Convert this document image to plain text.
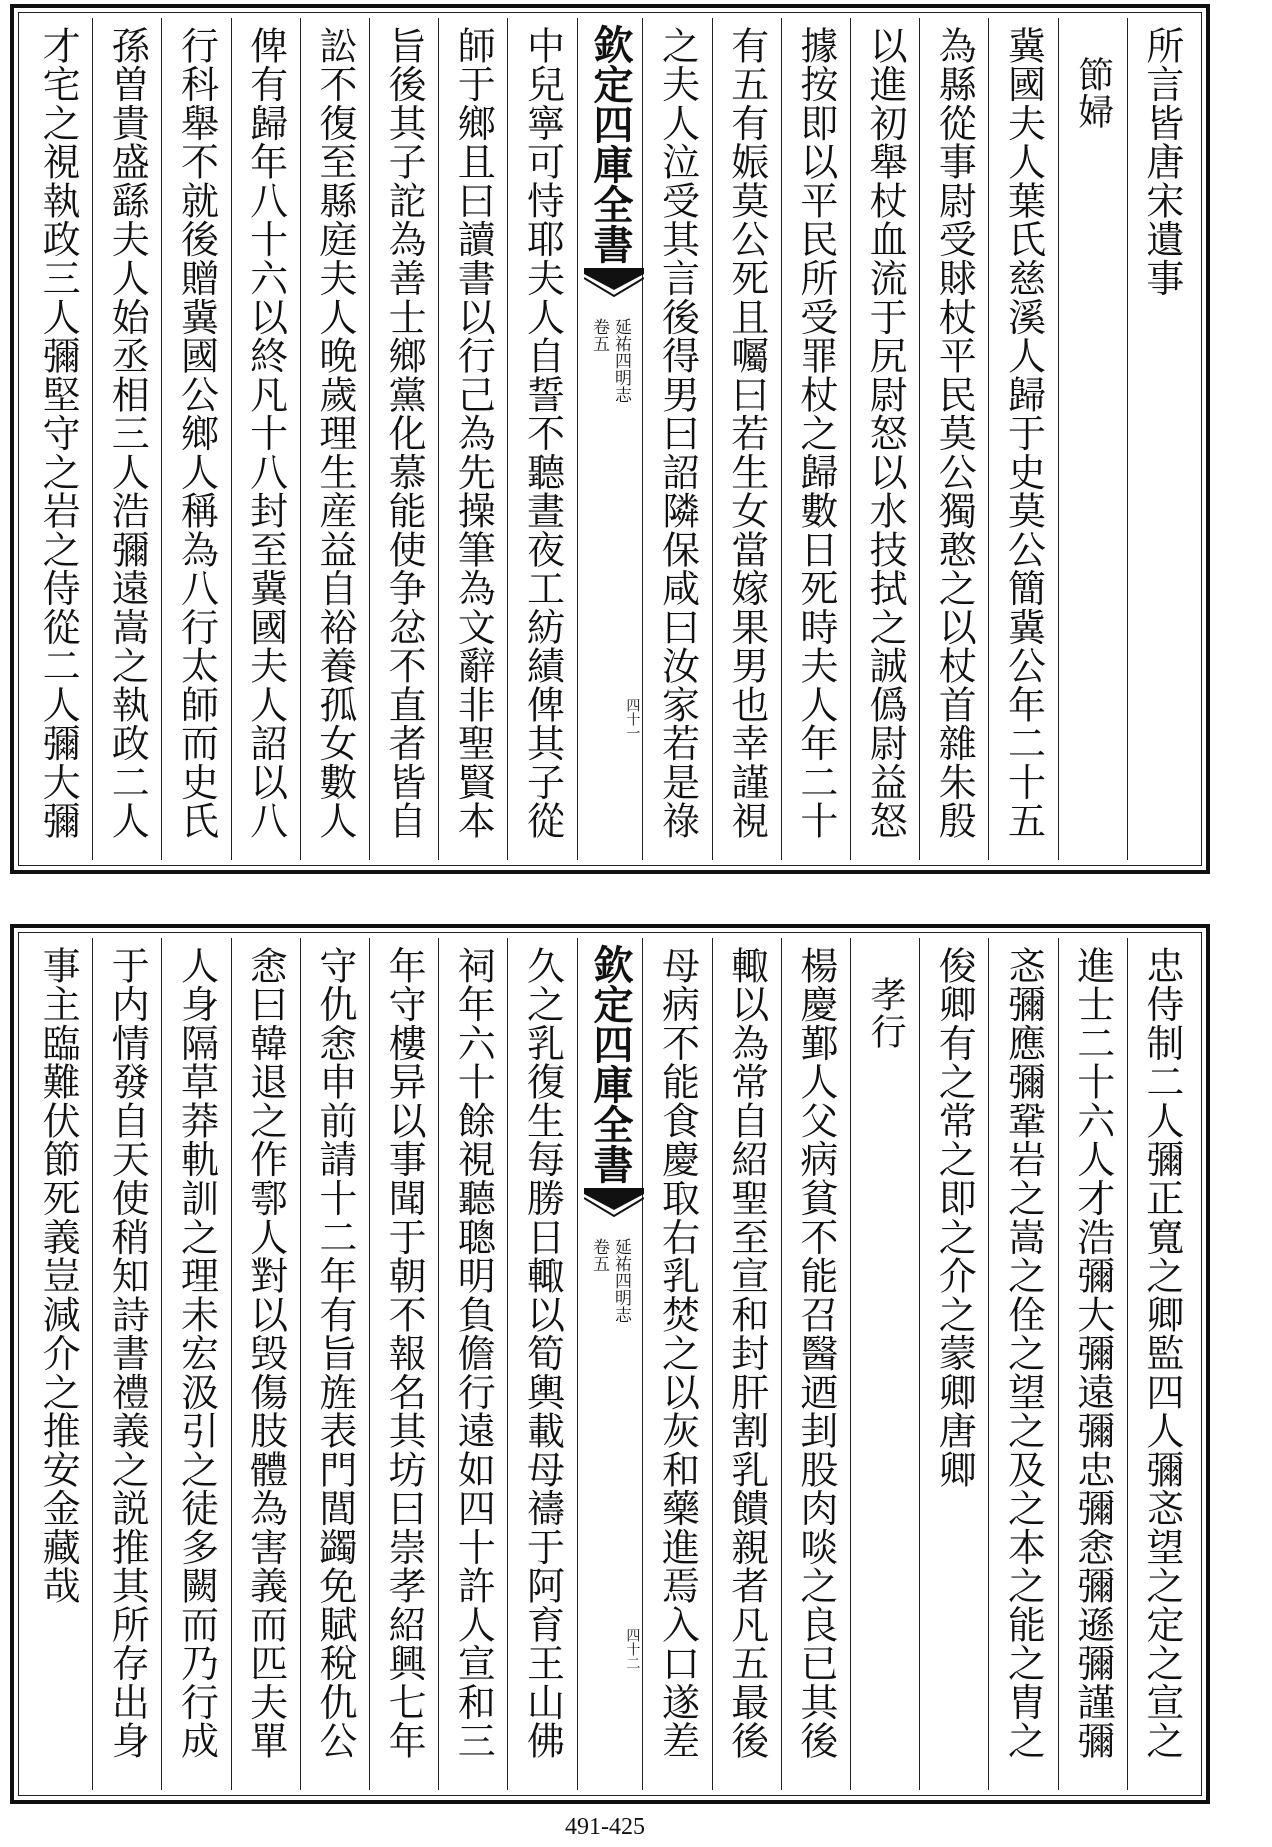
所言皆唐宋遺事
節婦
冀國夫人葉氏慈溪人歸于史莫公簡冀公年二十五
為縣從事尉受賕杖平民莫公獨憨之以杖首雜朱殷
以進初舉杖血流于尻尉怒以水技拭之誠僞尉益怒
據按即以平民所受罪杖之歸數日死時夫人年二十
有五有娠莫公死且囑曰若生女當嫁果男也幸謹視
之夫人泣受其言後得男曰詔隣保咸曰汝家若是祿
欽定四庫全書
延祐四明志
卷五
四十一
中兒寧可恃耶夫人自誓不聽晝夜工紡績俾其子從
師于鄉且曰讀書以行己為先操筆為文辭非聖賢本
旨後其子詑為善士鄉黨化慕能使争忿不直者皆自
訟不復至縣庭夫人晚歲理生産益自裕養孤女數人
俾有歸年八十六以終凡十八封至冀國夫人詔以八
行科舉不就後贈冀國公鄉人稱為八行太師而史氏
孫曽貴盛繇夫人始丞相三人浩彌遠嵩之執政二人
才宅之視執政三人彌堅守之岩之侍從二人彌大彌
忠侍制二人彌正寬之卿監四人彌忞望之定之宣之
進士二十六人才浩彌大彌遠彌忠彌悆彌遜彌謹彌
忞彌應彌鞏岩之嵩之佺之望之及之本之能之胄之
俊卿有之常之即之介之蒙卿唐卿
孝行
楊慶鄞人父病貧不能召醫迺刲股肉啖之良已其後
輙以為常自紹聖至宣和封肝割乳饋親者凡五最後
母病不能食慶取右乳焚之以灰和藥進焉入口遂差
欽定四庫全書
延祐四明志
卷五
四十二
久之乳復生每勝日輙以筍輿載母禱于阿育王山佛
祠年六十餘視聽聰明負儋行遠如四十許人宣和三
年守樓异以事聞于朝不報名其坊曰崇孝紹興七年
守仇悆申前請十二年有旨旌表門閭蠲免賦稅仇公
悆曰韓退之作鄠人對以毁傷肢體為害義而匹夫單
人身隔草莽軌訓之理未宏汲引之徒多闕而乃行成
于内情發自天使稍知詩書禮義之説推其所存出身
事主臨難伏節死義豈減介之推安金藏哉
491-425
